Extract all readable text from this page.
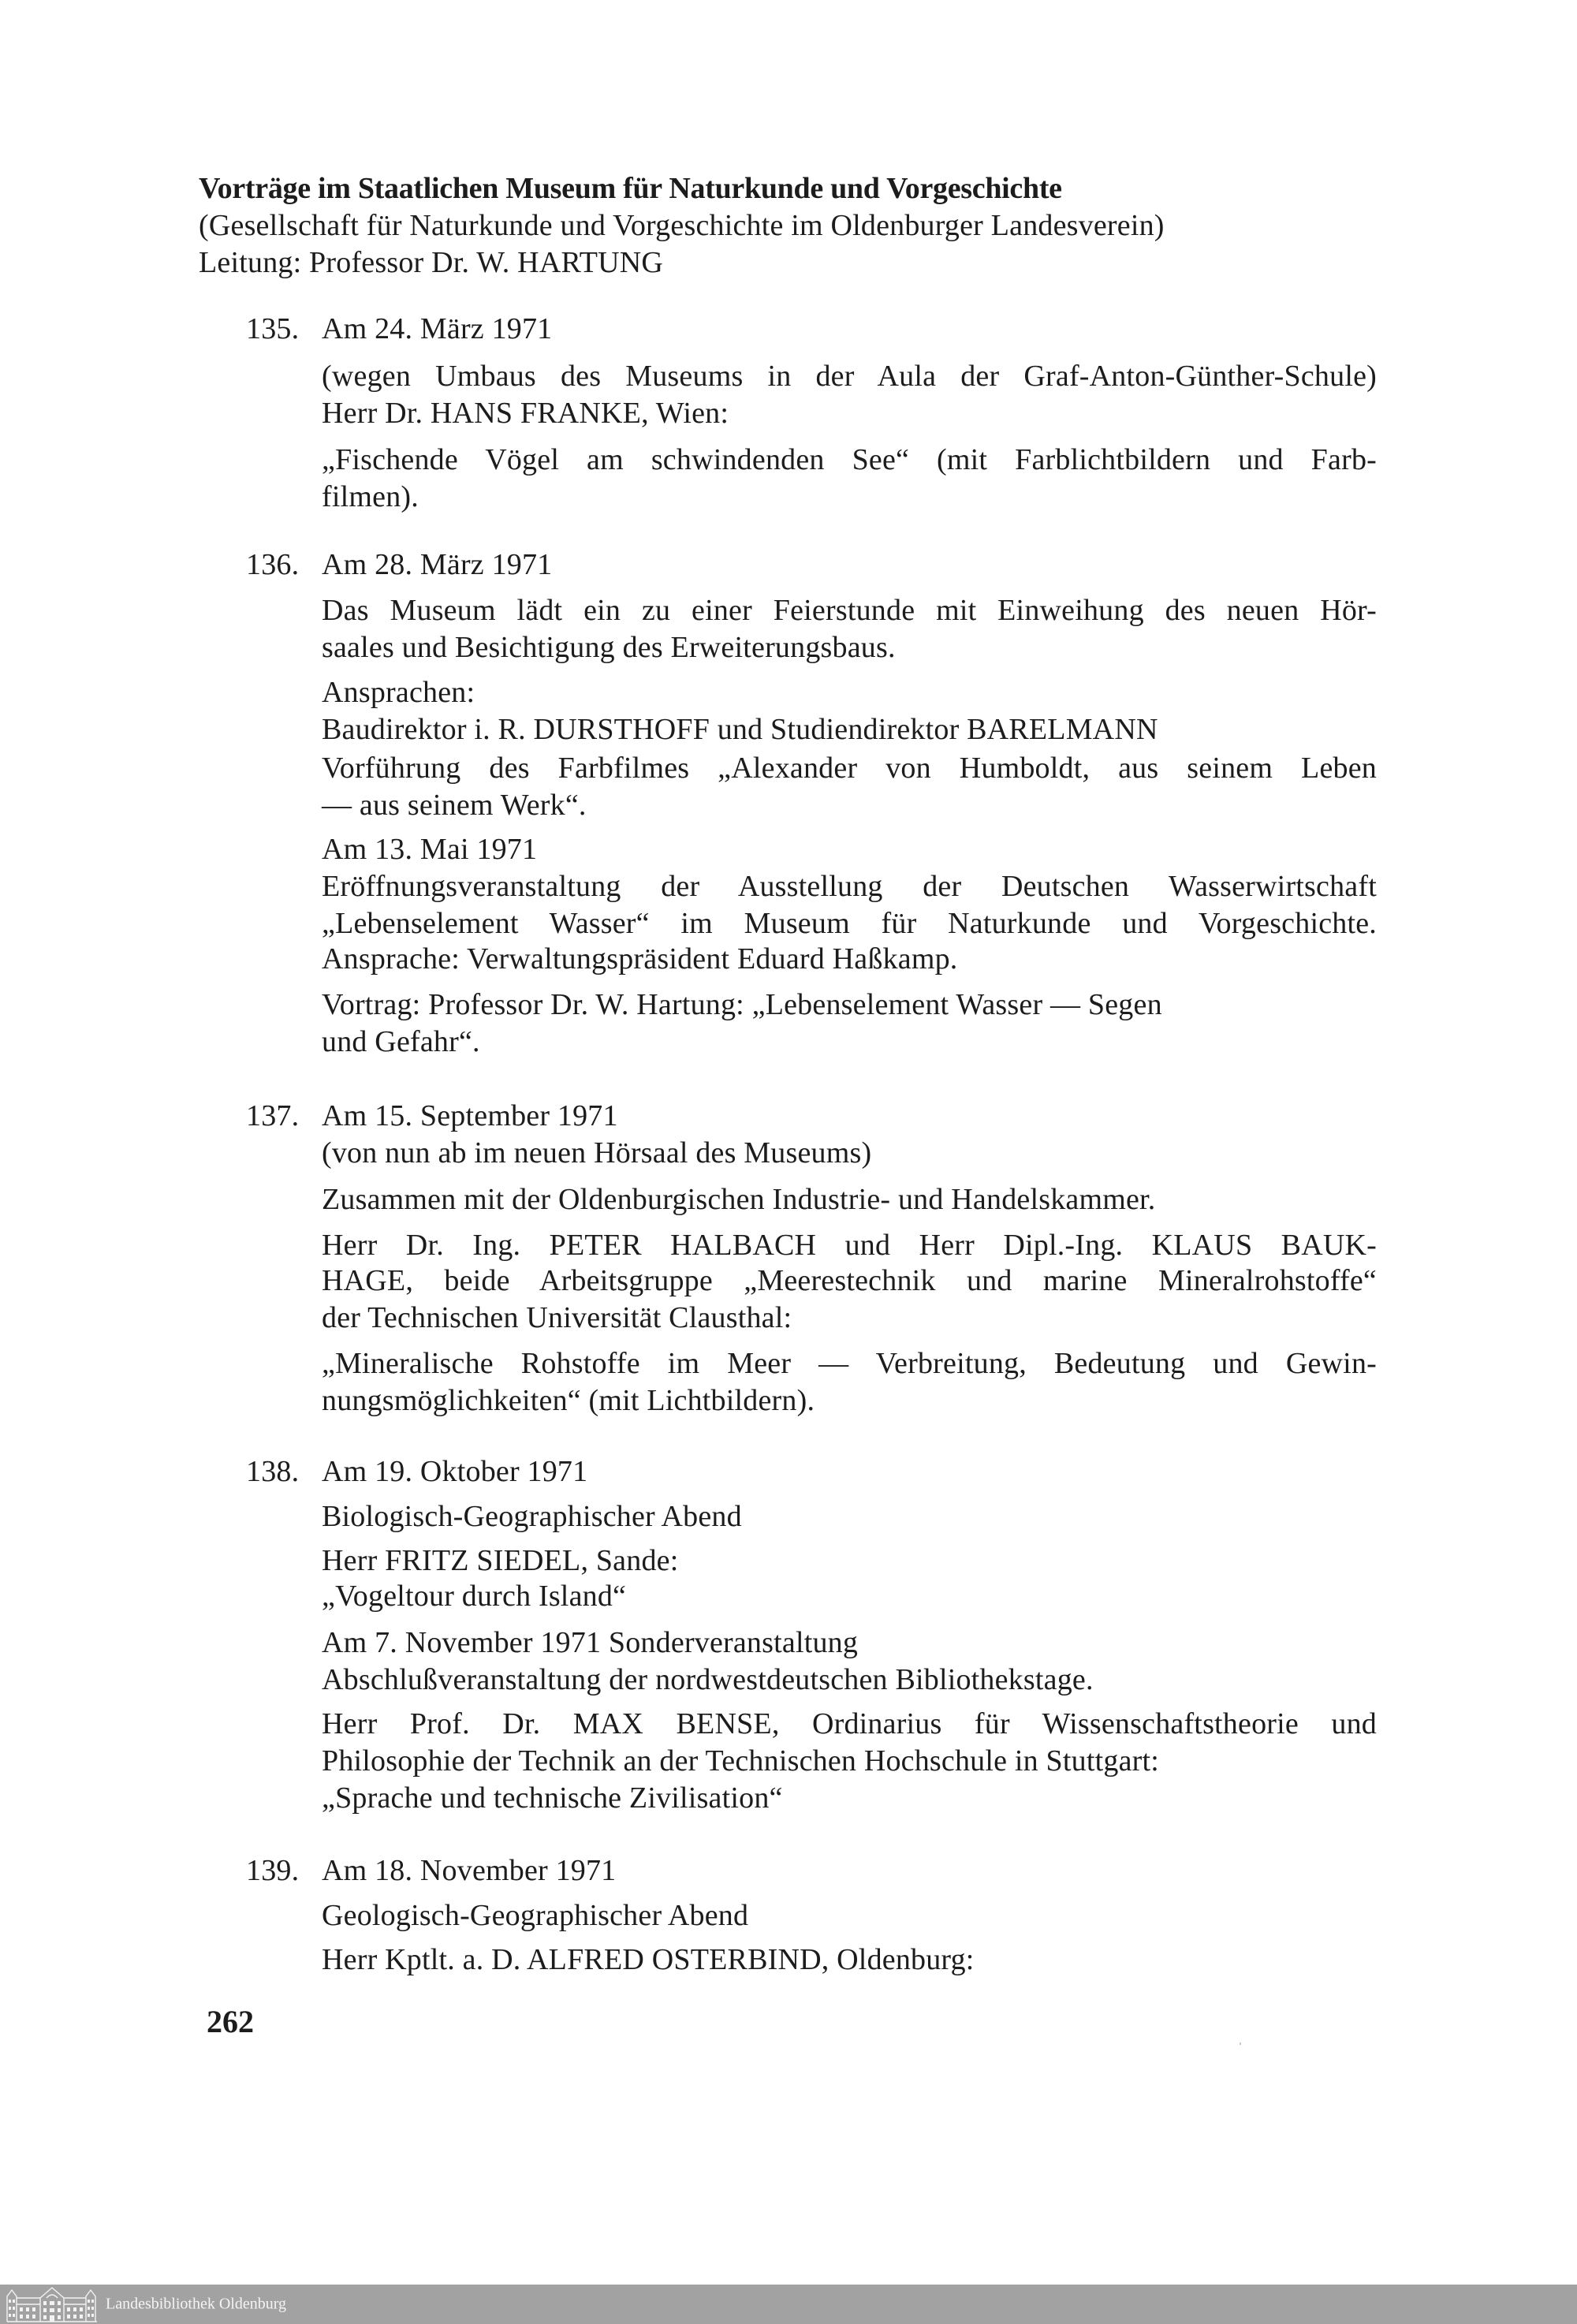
Vorträge im Staatlichen Museum für Naturkunde und Vorgeschichte
(Gesellschaft für Naturkunde und Vorgeschichte im Oldenburger Landesverein)
Leitung: Professor Dr. W. HARTUNG
135. Am 24. März 1971
(wegen Umbaus des Museums in der Aula der Graf-Anton-Günther-Schule)
Herr Dr. HANS FRANKE, Wien:
„Fischende Vögel am schwindenden See“ (mit Farblichtbildern und Farb-
filmen).
136. Am 28. März 1971
Das Museum lädt ein zu einer Feierstunde mit Einweihung des neuen Hör-
saales und Besichtigung des Erweiterungsbaus.
Ansprachen:
Baudirektor i. R. DURSTHOFF und Studiendirektor BARELMANN
Vorführung des Farbfilmes „Alexander von Humboldt, aus seinem Leben
— aus seinem Werk“.
Am 13. Mai 1971
Eröffnungsveranstaltung der Ausstellung der Deutschen Wasserwirtschaft
„Lebenselement Wasser“ im Museum für Naturkunde und Vorgeschichte.
Ansprache: Verwaltungspräsident Eduard Haßkamp.
Vortrag: Professor Dr. W. Hartung: „Lebenselement Wasser — Segen
und Gefahr“.
137. Am 15. September 1971
(von nun ab im neuen Hörsaal des Museums)
Zusammen mit der Oldenburgischen Industrie- und Handelskammer.
Herr Dr. Ing. PETER HALBACH und Herr Dipl.-Ing. KLAUS BAUK-
HAGE, beide Arbeitsgruppe „Meerestechnik und marine Mineralrohstoffe“
der Technischen Universität Clausthal:
„Mineralische Rohstoffe im Meer — Verbreitung, Bedeutung und Gewin-
nungsmöglichkeiten“ (mit Lichtbildern).
138. Am 19. Oktober 1971
Biologisch-Geographischer Abend
Herr FRITZ SIEDEL, Sande:
„Vogeltour durch Island“
Am 7. November 1971 Sonderveranstaltung
Abschlußveranstaltung der nordwestdeutschen Bibliothekstage.
Herr Prof. Dr. MAX BENSE, Ordinarius für Wissenschaftstheorie und
Philosophie der Technik an der Technischen Hochschule in Stuttgart:
„Sprache und technische Zivilisation“
139. Am 18. November 1971
Geologisch-Geographischer Abend
Herr Kptlt. a. D. ALFRED OSTERBIND, Oldenburg:
262
Landesbibliothek Oldenburg
